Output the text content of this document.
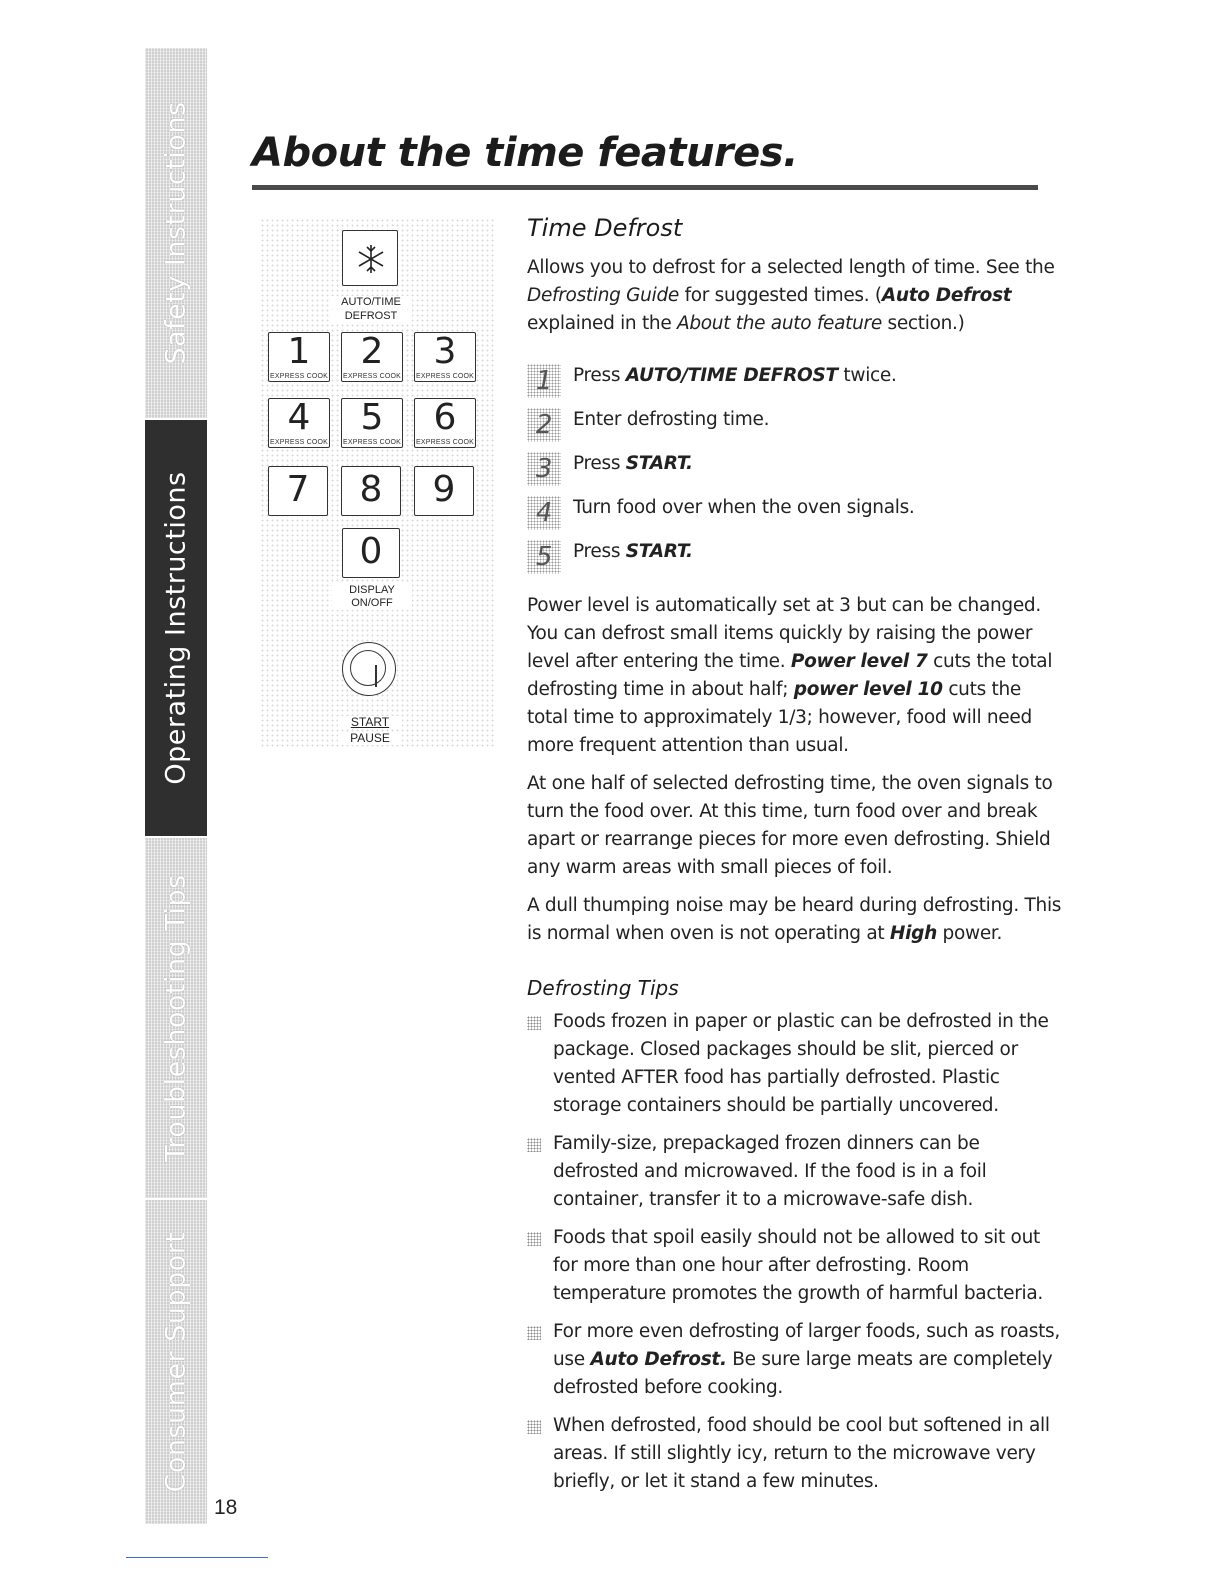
Safety Instructions
Operating Instructions
Troubleshooting Tips
Consumer Support
18
About the time features.
AUTO/TIME
DEFROST
1
EXPRESS COOK
2
EXPRESS COOK
3
EXPRESS COOK
4
EXPRESS COOK
5
EXPRESS COOK
6
EXPRESS COOK
7	8	9
0
DISPLAY
ON/OFF
START
PAUSE
Time Defrost

Allows you to defrost for a selected length of time. See the Defrosting Guide for suggested times. (Auto Defrost explained in the About the auto feature section.)

1	Press AUTO/TIME DEFROST twice.
2	Enter defrosting time.
3	Press START.
4	Turn food over when the oven signals.
5	Press START.

Power level is automatically set at 3 but can be changed. You can defrost small items quickly by raising the power level after entering the time. Power level 7 cuts the total defrosting time in about half; power level 10 cuts the total time to approximately 1/3; however, food will need more frequent attention than usual.

At one half of selected defrosting time, the oven signals to turn the food over. At this time, turn food over and break apart or rearrange pieces for more even defrosting. Shield any warm areas with small pieces of foil.

A dull thumping noise may be heard during defrosting. This is normal when oven is not operating at High power.

Defrosting Tips
Foods frozen in paper or plastic can be defrosted in the package. Closed packages should be slit, pierced or vented AFTER food has partially defrosted. Plastic storage containers should be partially uncovered.
Family-size, prepackaged frozen dinners can be defrosted and microwaved. If the food is in a foil container, transfer it to a microwave-safe dish.
Foods that spoil easily should not be allowed to sit out for more than one hour after defrosting. Room temperature promotes the growth of harmful bacteria.
For more even defrosting of larger foods, such as roasts, use Auto Defrost. Be sure large meats are completely defrosted before cooking.
When defrosted, food should be cool but softened in all areas. If still slightly icy, return to the microwave very briefly, or let it stand a few minutes.
